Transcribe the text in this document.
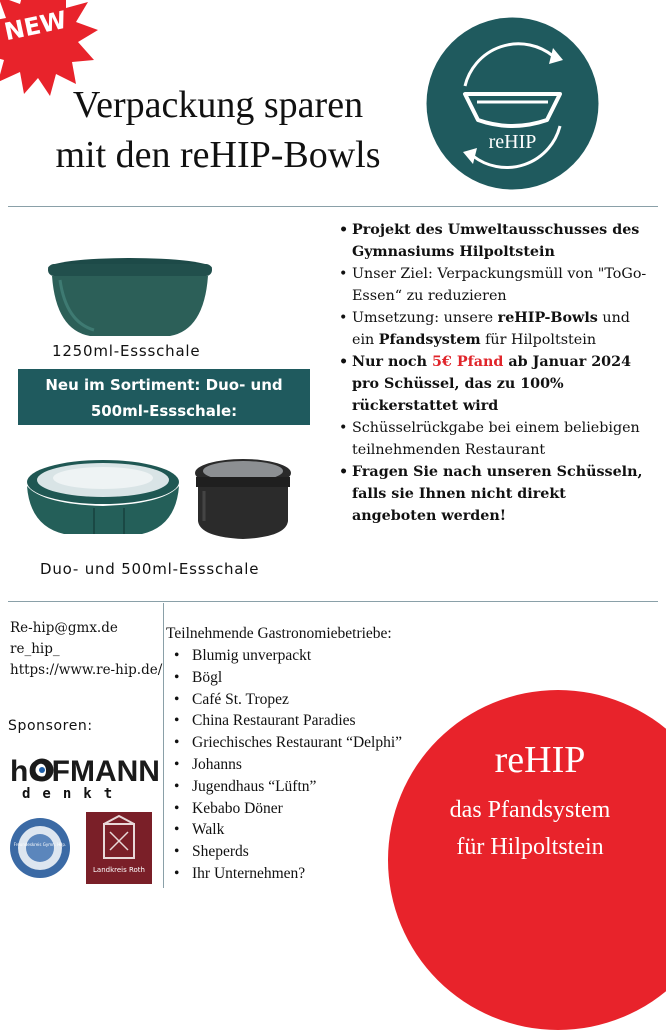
NEW
Verpackung sparen
mit den reHIP-Bowls	reHIP
1250ml-Essschale
Neu im Sortiment: Duo- und
500ml-Essschale:
Duo- und 500ml-Essschale
• Projekt des Umweltausschusses des Gymnasiums Hilpoltstein
• Unser Ziel: Verpackungsmüll von "ToGo-Essen“ zu reduzieren
• Umsetzung: unsere reHIP-Bowls und ein Pfandsystem für Hilpoltstein
• Nur noch 5€ Pfand ab Januar 2024 pro Schüssel, das zu 100% rückerstattet wird
• Schüsselrückgabe bei einem beliebigen teilnehmenden Restaurant
• Fragen Sie nach unseren Schüsseln, falls sie Ihnen nicht direkt angeboten werden!
Re-hip@gmx.de
re_hip_
https://www.re-hip.de/
Sponsoren:
hOFMANN
denkt
Freundeskreis Gymn. Hilp.
Landkreis Roth
Teilnehmende Gastronomiebetriebe:
• Blumig unverpackt
• Bögl
• Café St. Tropez
• China Restaurant Paradies
• Griechisches Restaurant “Delphi”
• Johanns
• Jugendhaus “Lüftn”
• Kebabo Döner
• Walk
• Sheperds
• Ihr Unternehmen?
reHIP
das Pfandsystem
für Hilpoltstein
